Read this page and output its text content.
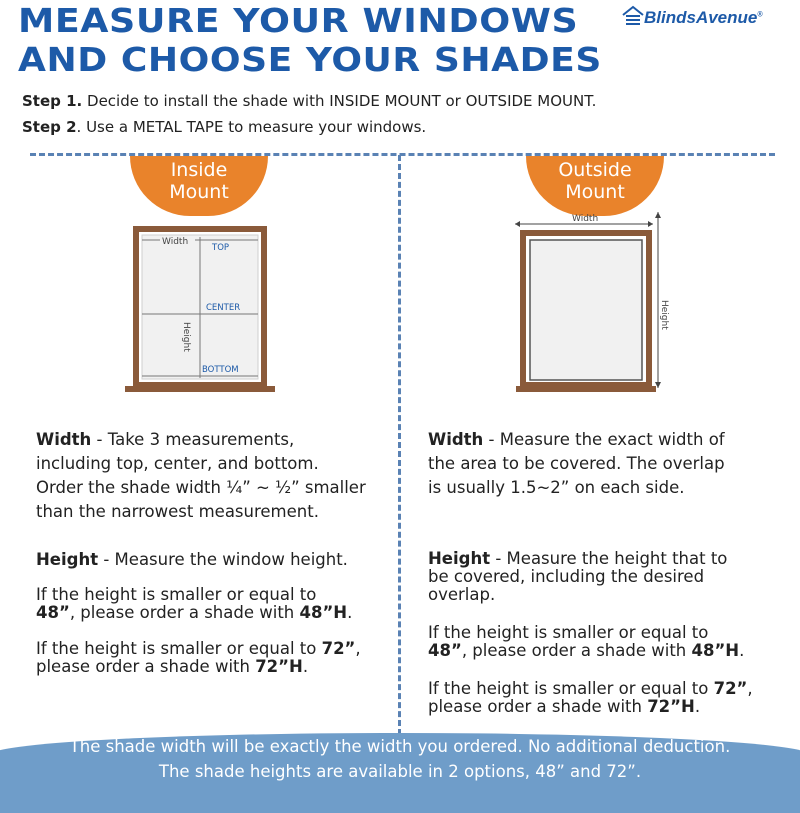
MEASURE YOUR WINDOWS
AND CHOOSE YOUR SHADES
BlindsAvenue®
Step 1. Decide to install the shade with INSIDE MOUNT or OUTSIDE MOUNT.
Step 2. Use a METAL TAPE to measure your windows.
Inside
Mount
Outside
Mount
Width
TOP
CENTER
BOTTOM
Height
Width
Height
Width - Take 3 measurements,
including top, center, and bottom.
Order the shade width ¼” ~ ½” smaller
than the narrowest measurement.
Height - Measure the window height.
If the height is smaller or equal to
48”, please order a shade with 48”H.
If the height is smaller or equal to 72”,
please order a shade with 72”H.
Width - Measure the exact width of
the area to be covered. The overlap
is usually 1.5~2” on each side.
Height - Measure the height that to
be covered, including the desired
overlap.
If the height is smaller or equal to
48”, please order a shade with 48”H.
If the height is smaller or equal to 72”,
please order a shade with 72”H.
The shade width will be exactly the width you ordered. No additional deduction.
The shade heights are available in 2 options, 48” and 72”.
